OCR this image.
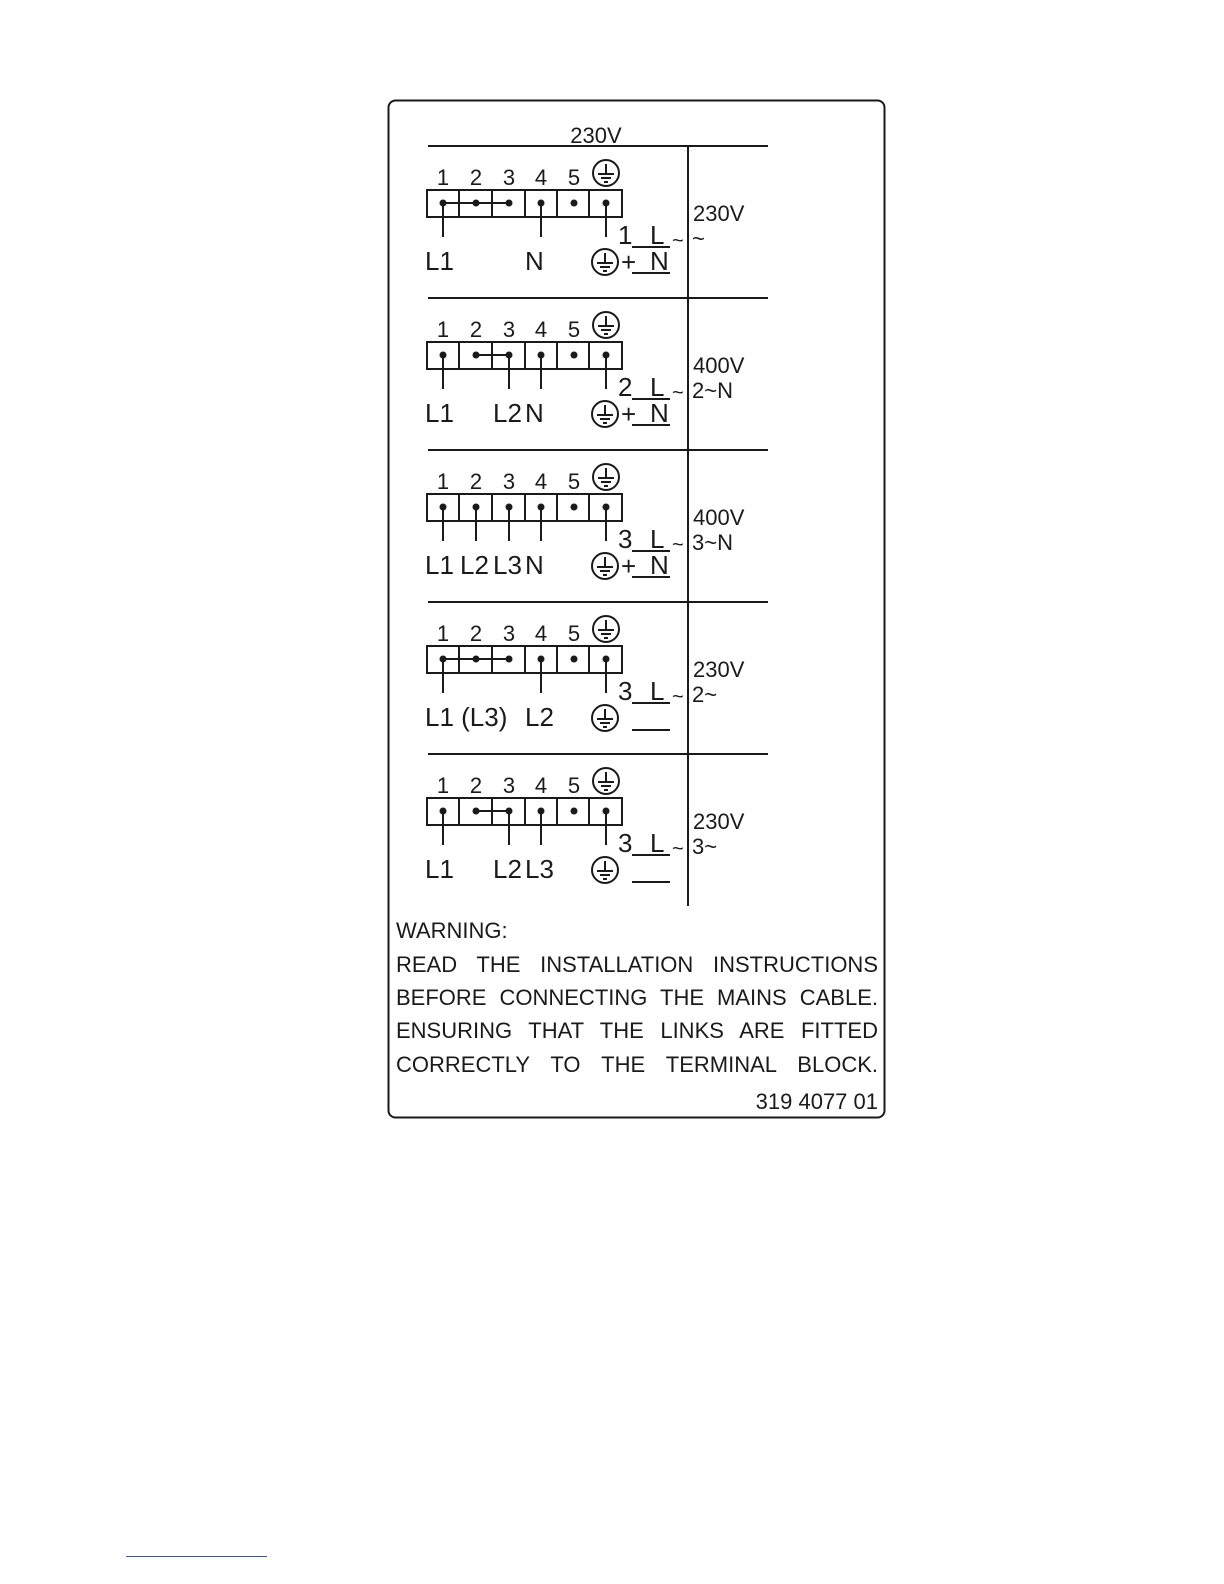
230V
1 2 3 4 5
L1	N
1 L ~
+ N
230V
~
1 2 3 4 5
L1 L2 N
2 L ~
+ N
400V
2~N
1 2 3 4 5
L1 L2 L3 N
3 L ~
+ N
400V
3~N
1 2 3 4 5
L1 (L3) L2
3 L ~
230V
2~
1 2 3 4 5
L1 L2 L3
3 L ~
230V
3~
WARNING:
READ THE INSTALLATION INSTRUCTIONS
BEFORE CONNECTING THE MAINS CABLE.
ENSURING THAT THE LINKS ARE FITTED
CORRECTLY TO THE TERMINAL BLOCK.
319 4077 01
